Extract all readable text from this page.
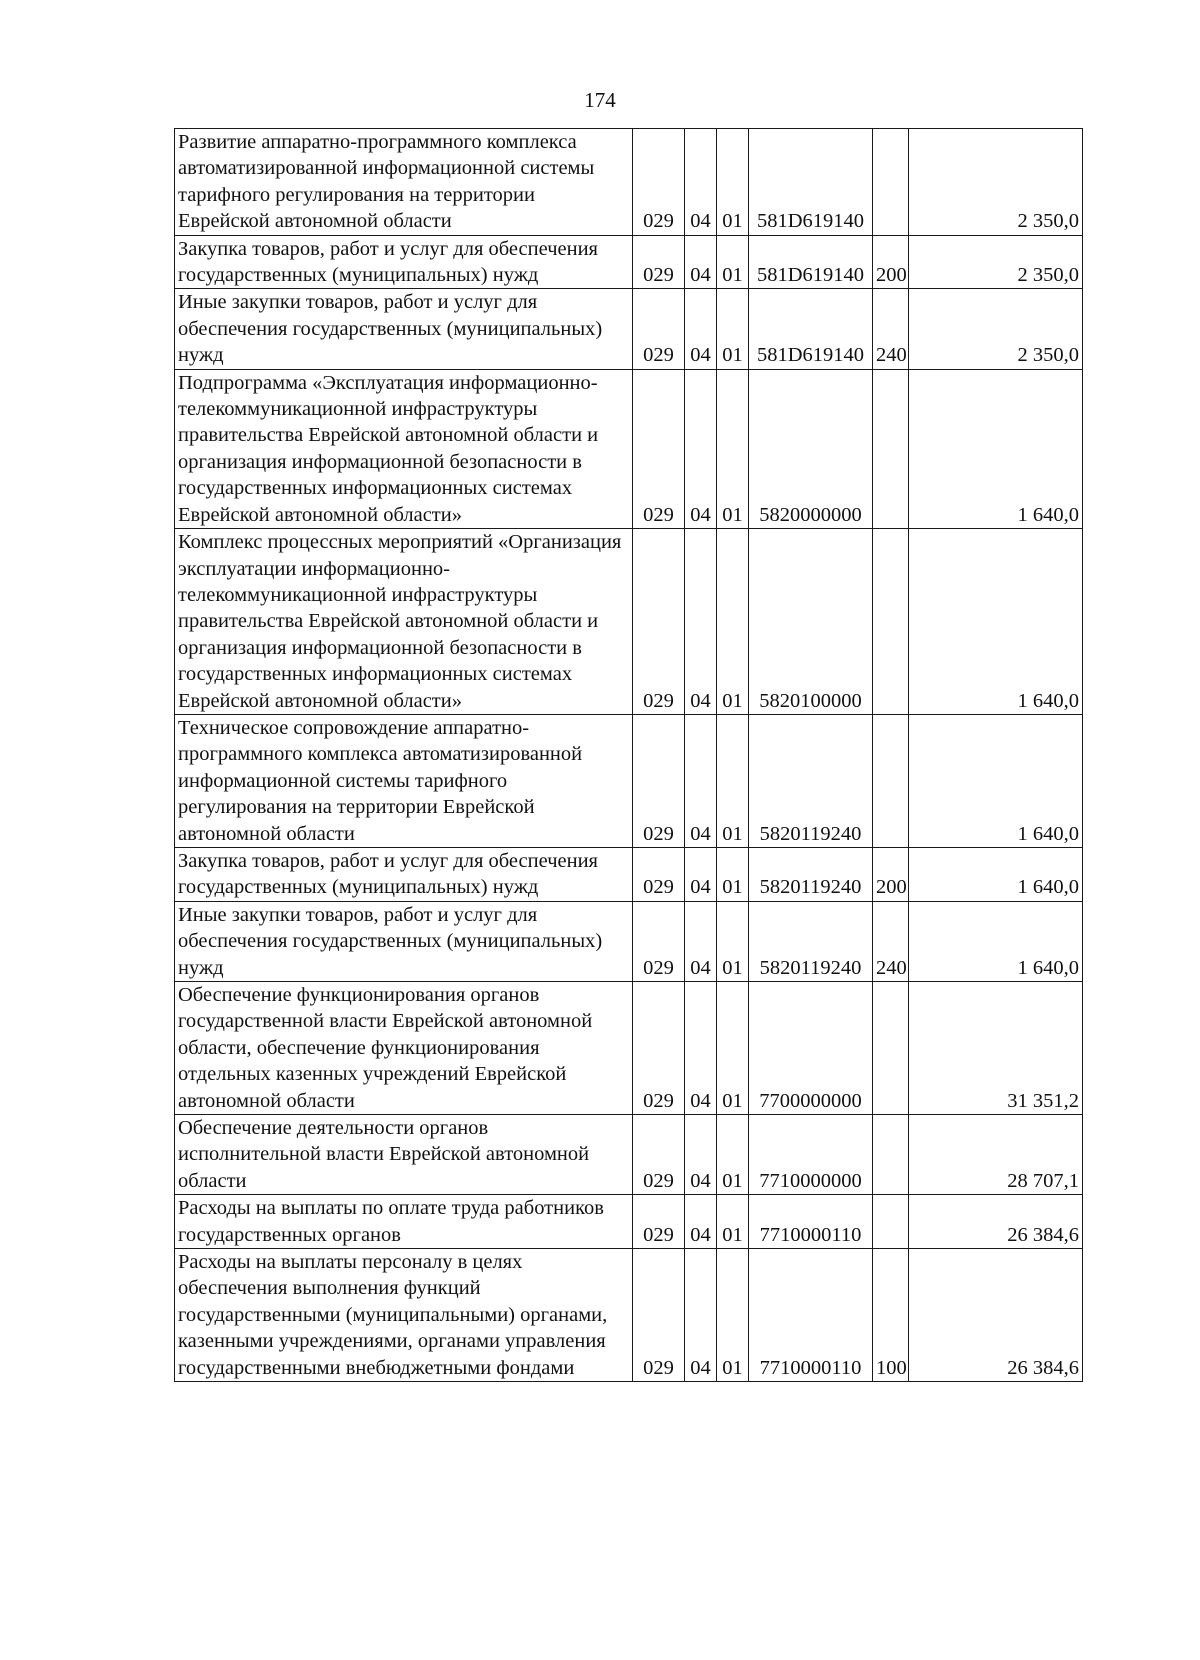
174
Развитие аппаратно-программного комплекса автоматизированной информационной системы тарифного регулирования на территории Еврейской автономной области	029	04	01	581D619140		2 350,0
Закупка товаров, работ и услуг для обеспечения государственных (муниципальных) нужд	029	04	01	581D619140	200	2 350,0
Иные закупки товаров, работ и услуг для обеспечения государственных (муниципальных) нужд	029	04	01	581D619140	240	2 350,0
Подпрограмма «Эксплуатация информационно-телекоммуникационной инфраструктуры правительства Еврейской автономной области и организация информационной безопасности в государственных информационных системах Еврейской автономной области»	029	04	01	5820000000		1 640,0
Комплекс процессных мероприятий «Организация эксплуатации информационно-телекоммуникационной инфраструктуры правительства Еврейской автономной области и организация информационной безопасности в государственных информационных системах Еврейской автономной области»	029	04	01	5820100000		1 640,0
Техническое сопровождение аппаратно-программного комплекса автоматизированной информационной системы тарифного регулирования на территории Еврейской автономной области	029	04	01	5820119240		1 640,0
Закупка товаров, работ и услуг для обеспечения государственных (муниципальных) нужд	029	04	01	5820119240	200	1 640,0
Иные закупки товаров, работ и услуг для обеспечения государственных (муниципальных) нужд	029	04	01	5820119240	240	1 640,0
Обеспечение функционирования органов государственной власти Еврейской автономной области, обеспечение функционирования отдельных казенных учреждений Еврейской автономной области	029	04	01	7700000000		31 351,2
Обеспечение деятельности органов исполнительной власти Еврейской автономной области	029	04	01	7710000000		28 707,1
Расходы на выплаты по оплате труда работников государственных органов	029	04	01	7710000110		26 384,6
Расходы на выплаты персоналу в целях обеспечения выполнения функций государственными (муниципальными) органами, казенными учреждениями, органами управления государственными внебюджетными фондами	029	04	01	7710000110	100	26 384,6
